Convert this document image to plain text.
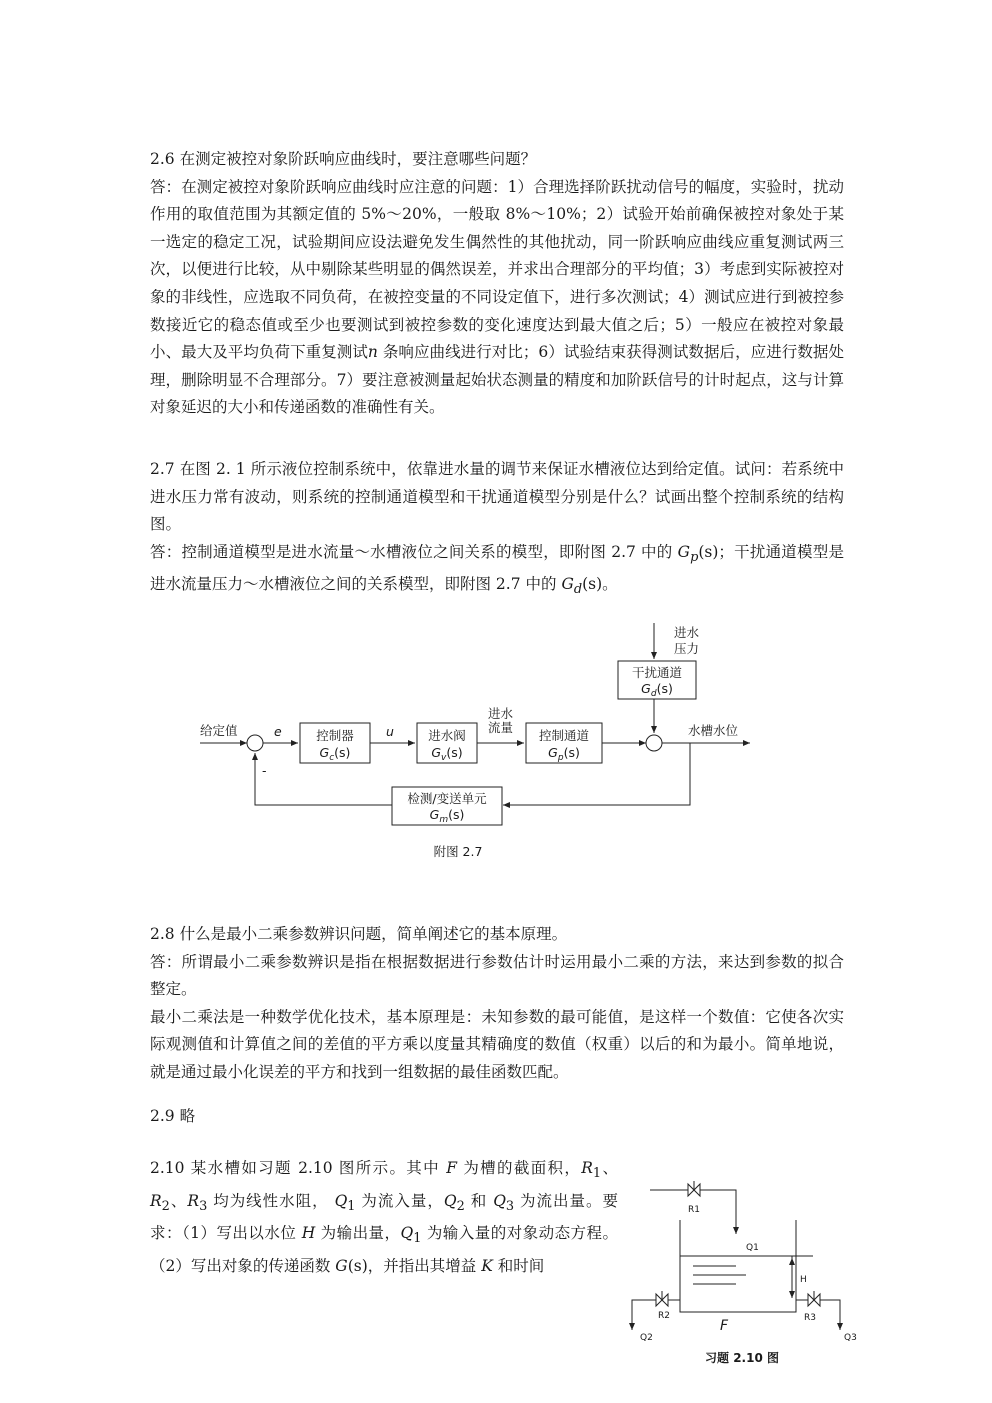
2.6 在测定被控对象阶跃响应曲线时，要注意哪些问题？

答：在测定被控对象阶跃响应曲线时应注意的问题：1）合理选择阶跃扰动信号的幅度，实验时，扰动作用的取值范围为其额定值的 5%～20%，一般取 8%～10%；2）试验开始前确保被控对象处于某一选定的稳定工况，试验期间应设法避免发生偶然性的其他扰动，同一阶跃响应曲线应重复测试两三次，以便进行比较，从中剔除某些明显的偶然误差，并求出合理部分的平均值；3）考虑到实际被控对象的非线性，应选取不同负荷，在被控变量的不同设定值下，进行多次测试；4）测试应进行到被控参数接近它的稳态值或至少也要测试到被控参数的变化速度达到最大值之后；5）一般应在被控对象最小、最大及平均负荷下重复测试n 条响应曲线进行对比；6）试验结束获得测试数据后，应进行数据处理，删除明显不合理部分。7）要注意被测量起始状态测量的精度和加阶跃信号的计时起点，这与计算对象延迟的大小和传递函数的准确性有关。

2.7 在图 2. 1 所示液位控制系统中，依靠进水量的调节来保证水槽液位达到给定值。试问：若系统中进水压力常有波动，则系统的控制通道模型和干扰通道模型分别是什么？试画出整个控制系统的结构图。

答：控制通道模型是进水流量～水槽液位之间关系的模型，即附图 2.7 中的 $G_p(s)$；干扰通道模型是进水流量压力～水槽液位之间的关系模型，即附图 2.7 中的 $G_d(s)$。

给定值	e	u
进水
流量
进水
压力
水槽水位
-
控制器
$G_c(s)$
进水阀
$G_v(s)$
控制通道
$G_p(s)$
干扰通道
$G_d(s)$
检测/变送单元
$G_m(s)$
附图 2.7

2.8 什么是最小二乘参数辨识问题，简单阐述它的基本原理。

答：所谓最小二乘参数辨识是指在根据数据进行参数估计时运用最小二乘的方法，来达到参数的拟合整定。

最小二乘法是一种数学优化技术，基本原理是：未知参数的最可能值，是这样一个数值：它使各次实际观测值和计算值之间的差值的平方乘以度量其精确度的数值（权重）以后的和为最小。简单地说，就是通过最小化误差的平方和找到一组数据的最佳函数匹配。

2.9 略

2.10 某水槽如习题 2.10 图所示。其中 F 为槽的截面积，$R_1$、$R_2$、$R_3$ 均为线性水阻， $Q_1$ 为流入量，$Q_2$ 和 $Q_3$ 为流出量。要求：（1）写出以水位 H 为输出量，$Q_1$ 为输入量的对象动态方程。（2）写出对象的传递函数 G(s)，并指出其增益 K 和时间

R1
Q1
H
R2	R3
Q2	Q3
F
习题 2.10 图
